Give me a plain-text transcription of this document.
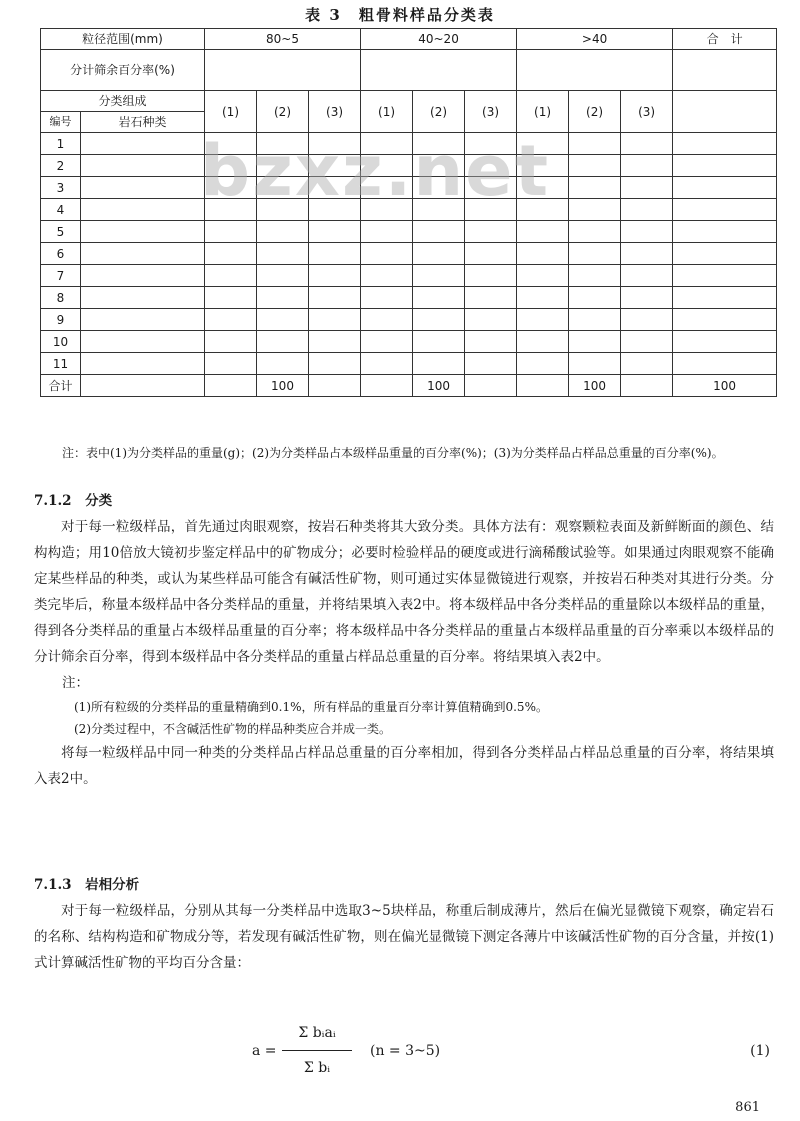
表 3　粗骨料样品分类表
粒径范围(mm)		80~5			40~20			>40			合　计
分计筛余百分率(%)											
分类组成		(1)	(2)	(3)	(1)	(2)	(3)	(1)	(2)	(3)	
编号	岩石种类										
1											
2											
3											
4											
5											
6											
7											
8											
9											
10											
11											
合计			100			100			100		100
bzxz.net
注：表中(1)为分类样品的重量(g)；(2)为分类样品占本级样品重量的百分率(%)；(3)为分类样品占样品总重量的百分率(%)。
7.1.2　分类
对于每一粒级样品，首先通过肉眼观察，按岩石种类将其大致分类。具体方法有：观察颗粒表面及新鲜断面的颜色、结构构造；用10倍放大镜初步鉴定样品中的矿物成分；必要时检验样品的硬度或进行滴稀酸试验等。如果通过肉眼观察不能确定某些样品的种类，或认为某些样品可能含有碱活性矿物，则可通过实体显微镜进行观察，并按岩石种类对其进行分类。分类完毕后，称量本级样品中各分类样品的重量，并将结果填入表2中。将本级样品中各分类样品的重量除以本级样品的重量，得到各分类样品的重量占本级样品重量的百分率；将本级样品中各分类样品的重量占本级样品重量的百分率乘以本级样品的分计筛余百分率，得到本级样品中各分类样品的重量占样品总重量的百分率。将结果填入表2中。
注：
(1)所有粒级的分类样品的重量精确到0.1%，所有样品的重量百分率计算值精确到0.5%。
(2)分类过程中，不含碱活性矿物的样品种类应合并成一类。
将每一粒级样品中同一种类的分类样品占样品总重量的百分率相加，得到各分类样品占样品总重量的百分率，将结果填入表2中。
7.1.3　岩相分析
对于每一粒级样品，分别从其每一分类样品中选取3~5块样品，称重后制成薄片，然后在偏光显微镜下观察，确定岩石的名称、结构构造和矿物成分等，若发现有碱活性矿物，则在偏光显微镜下测定各薄片中该碱活性矿物的百分含量，并按(1)式计算碱活性矿物的平均百分含量：
a =
Σ bᵢaᵢ
Σ bᵢ
(n = 3~5)	(1)
861
